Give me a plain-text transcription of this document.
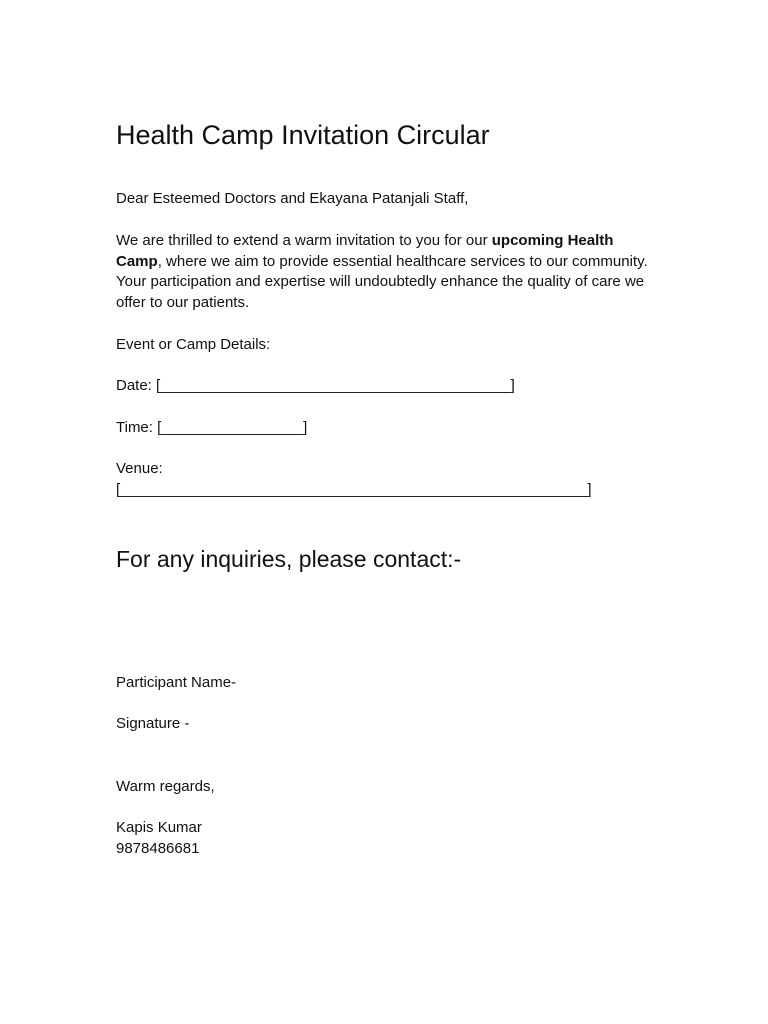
Health Camp Invitation Circular

Dear Esteemed Doctors and Ekayana Patanjali Staff,

We are thrilled to extend a warm invitation to you for our upcoming Health Camp, where we aim to provide essential healthcare services to our community. Your participation and expertise will undoubtedly enhance the quality of care we offer to our patients.

Event or Camp Details:

Date: [__________________________________________]

Time: [_________________]

Venue:

[________________________________________________________]

For any inquiries, please contact:-

Participant Name-

Signature -

Warm regards,

Kapis Kumar

9878486681
